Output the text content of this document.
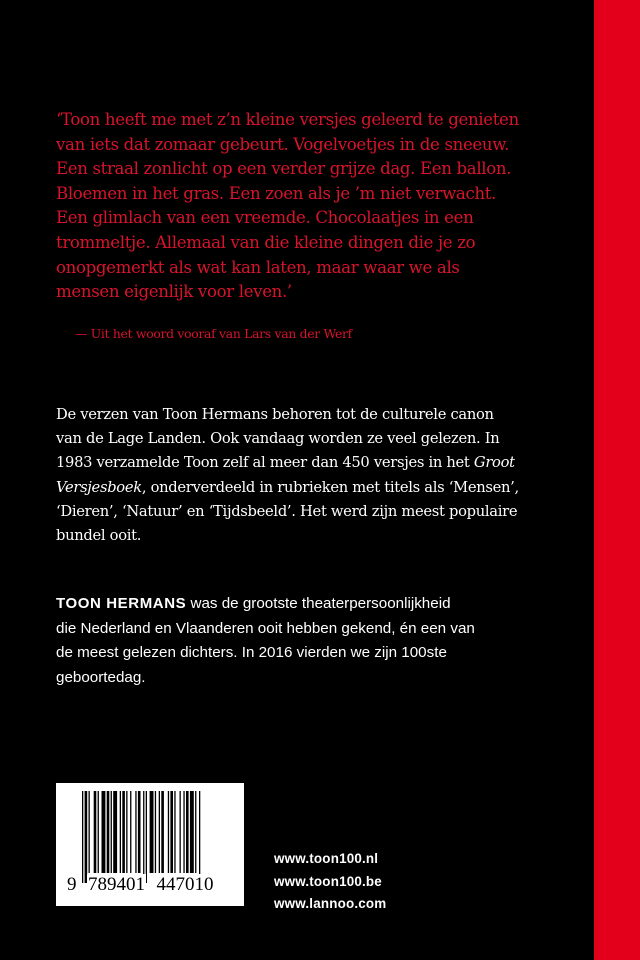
‘Toon heeft me met z’n kleine versjes geleerd te genieten
van iets dat zomaar gebeurt. Vogelvoetjes in de sneeuw.
Een straal zonlicht op een verder grijze dag. Een ballon.
Bloemen in het gras. Een zoen als je ’m niet verwacht.
Een glimlach van een vreemde. Chocolaatjes in een
trommeltje. Allemaal van die kleine dingen die je zo
onopgemerkt als wat kan laten, maar waar we als
mensen eigenlijk voor leven.’
— Uit het woord vooraf van Lars van der Werf
De verzen van Toon Hermans behoren tot de culturele canon
van de Lage Landen. Ook vandaag worden ze veel gelezen. In
1983 verzamelde Toon zelf al meer dan 450 versjes in het Groot
Versjesboek, onderverdeeld in rubrieken met titels als ‘Mensen’,
‘Dieren’, ‘Natuur’ en ‘Tijdsbeeld’. Het werd zijn meest populaire
bundel ooit.
TOON HERMANS was de grootste theaterpersoonlijkheid
die Nederland en Vlaanderen ooit hebben gekend, én een van
de meest gelezen dichters. In 2016 vierden we zijn 100ste
geboortedag.
9 789401 447010
www.toon100.nl
www.toon100.be
www.lannoo.com
